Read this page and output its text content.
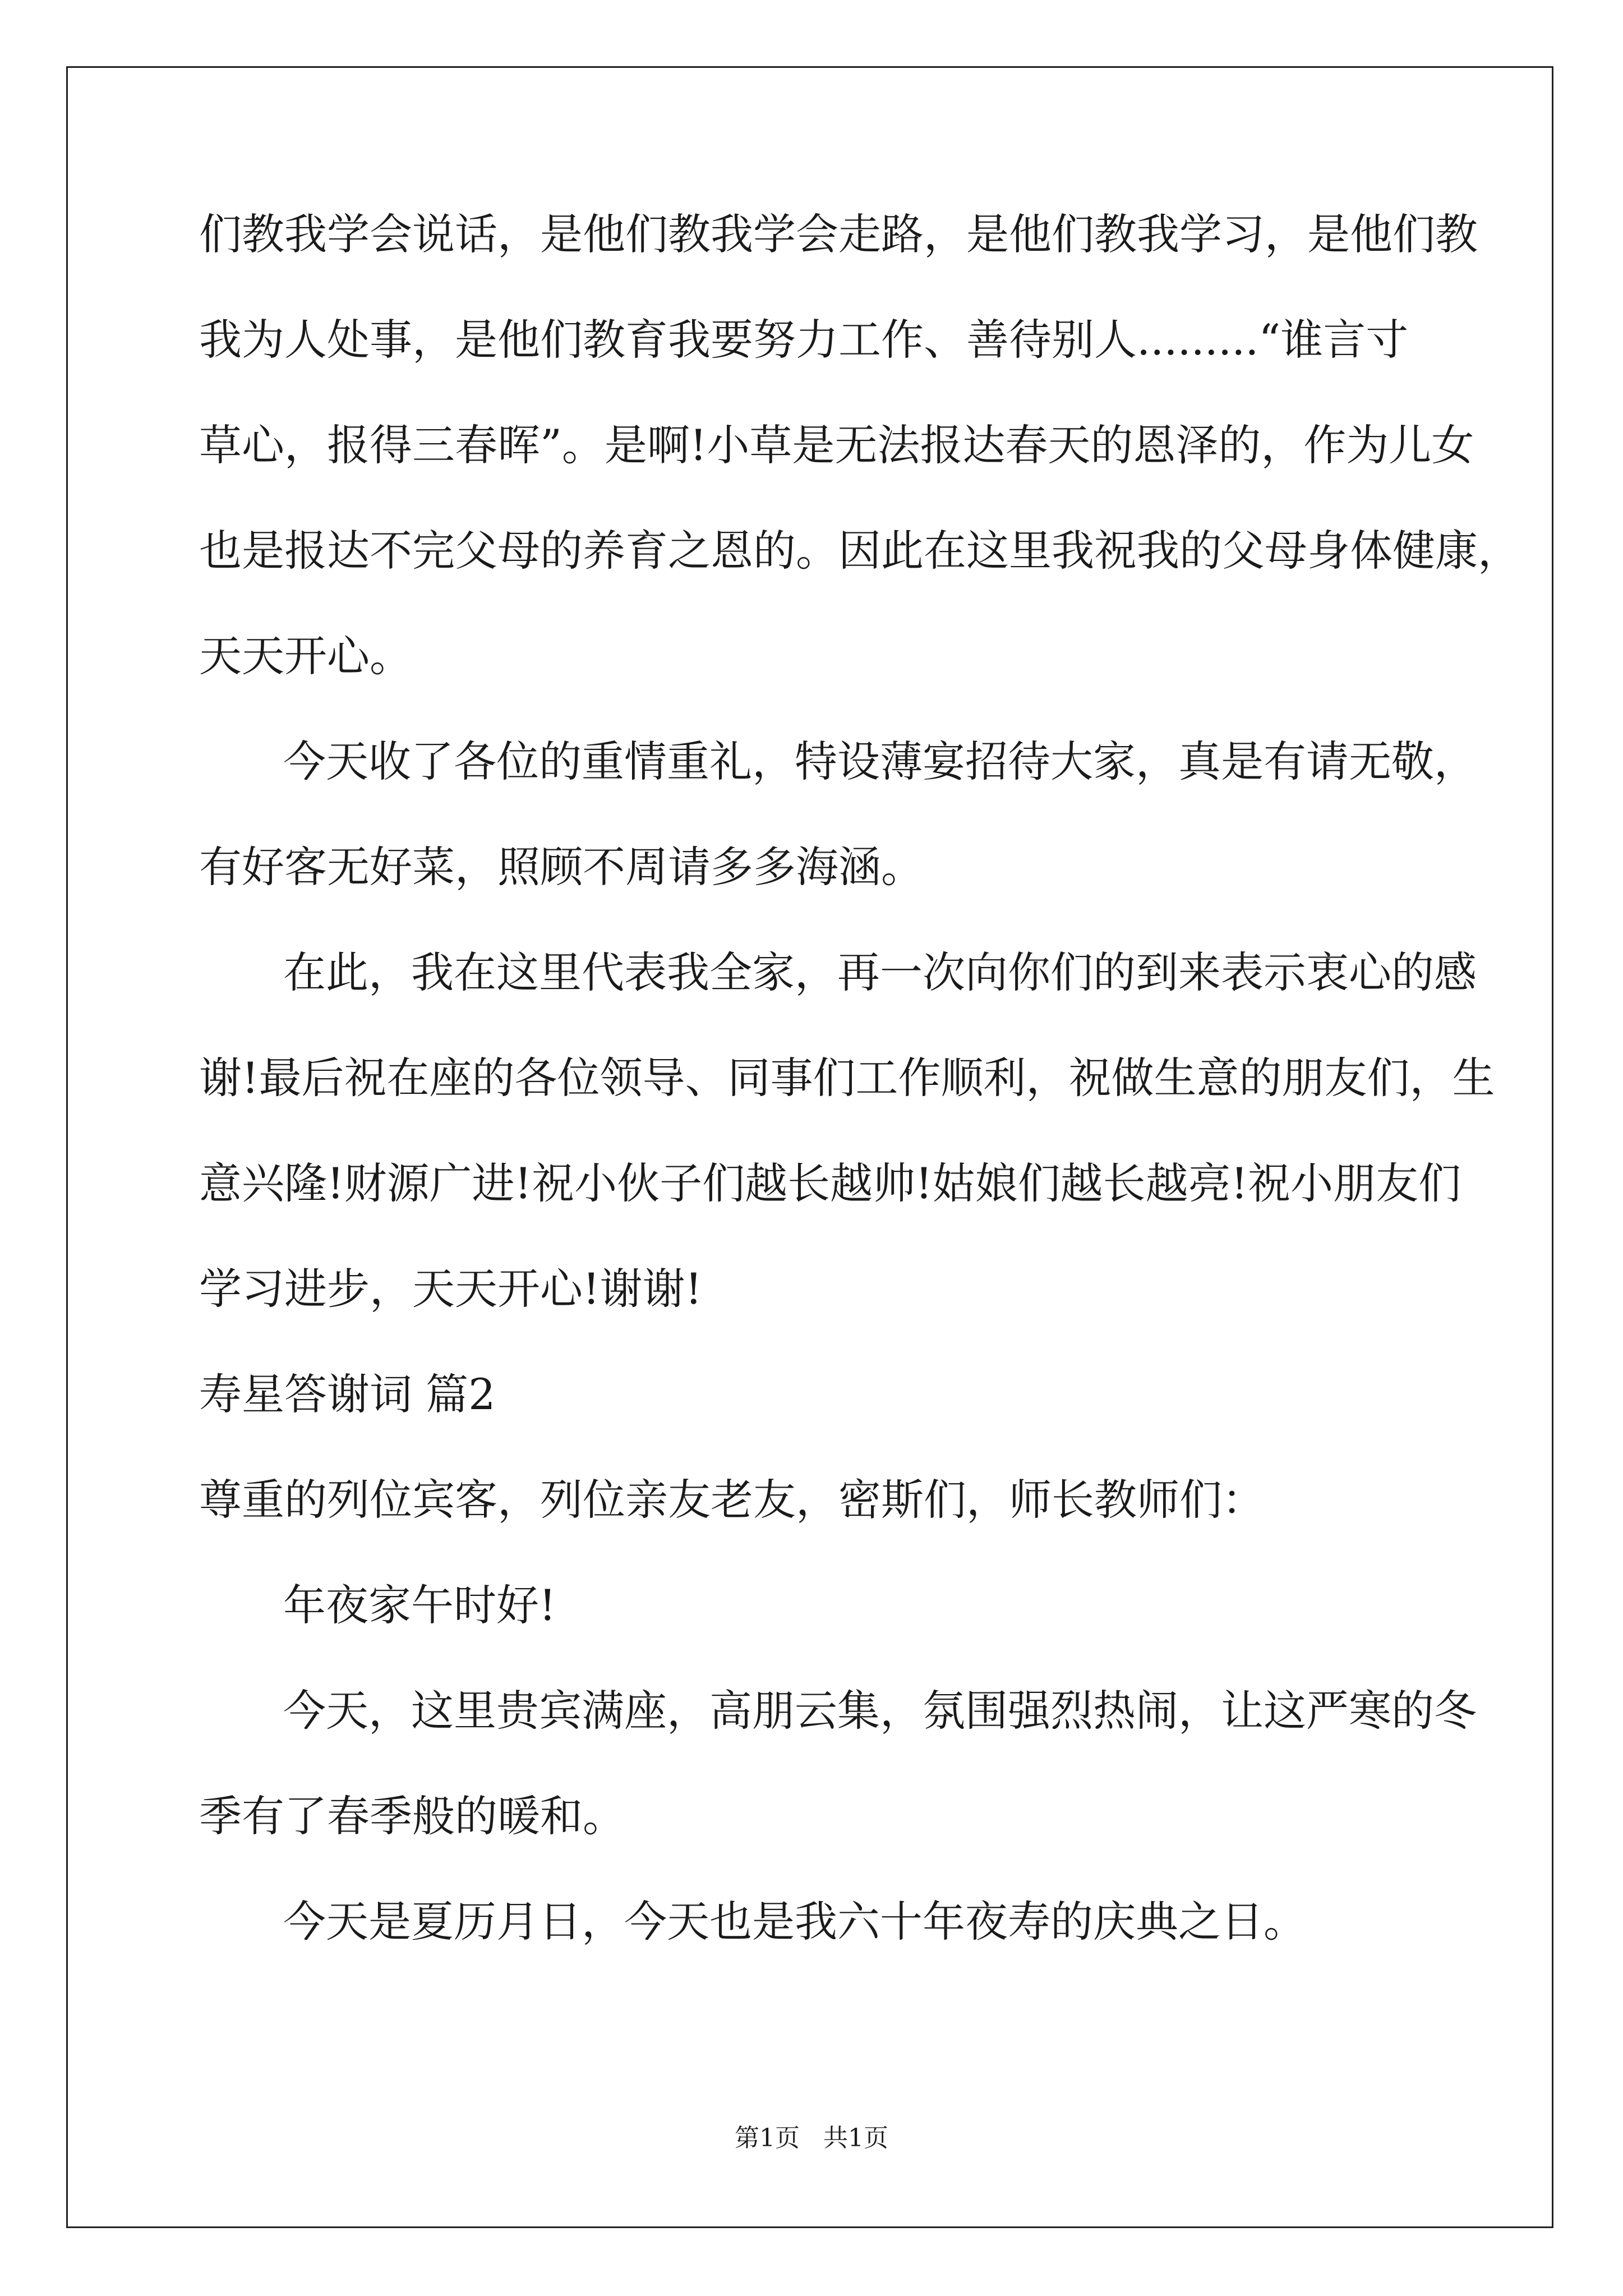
们教我学会说话，是他们教我学会走路，是他们教我学习，是他们教

我为人处事，是他们教育我要努力工作、善待别人.........“谁言寸

草心，报得三春晖”。是啊!小草是无法报达春天的恩泽的，作为儿女

也是报达不完父母的养育之恩的。因此在这里我祝我的父母身体健康，

天天开心。

今天收了各位的重情重礼，特设薄宴招待大家，真是有请无敬，

有好客无好菜，照顾不周请多多海涵。

在此，我在这里代表我全家，再一次向你们的到来表示衷心的感

谢!最后祝在座的各位领导、同事们工作顺利，祝做生意的朋友们，生

意兴隆!财源广进!祝小伙子们越长越帅!姑娘们越长越亮!祝小朋友们

学习进步，天天开心!谢谢!

寿星答谢词 篇2

尊重的列位宾客，列位亲友老友，密斯们，师长教师们：

年夜家午时好!

今天，这里贵宾满座，高朋云集，氛围强烈热闹，让这严寒的冬

季有了春季般的暖和。

今天是夏历月日，今天也是我六十年夜寿的庆典之日。

第1页   共1页
